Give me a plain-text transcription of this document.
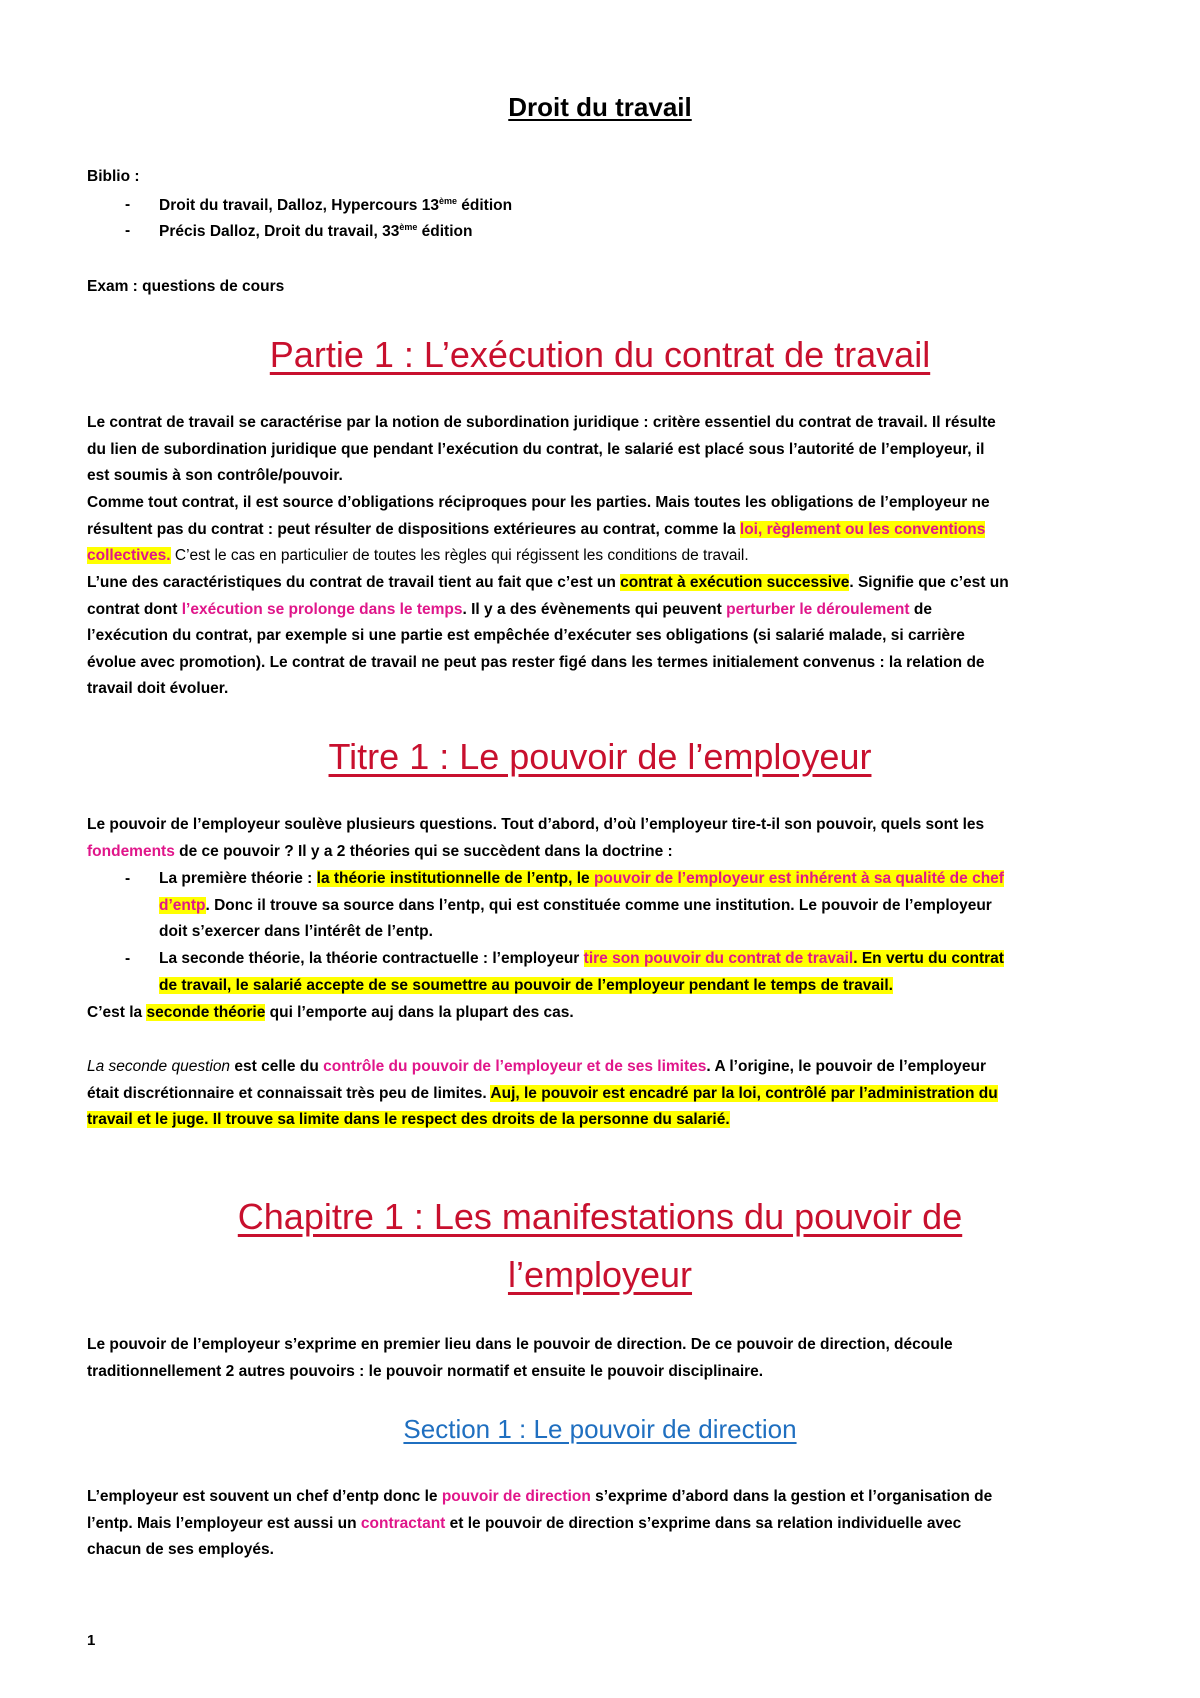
Droit du travail
Biblio :
- Droit du travail, Dalloz, Hypercours 13ème édition
- Précis Dalloz, Droit du travail, 33ème édition
Exam : questions de cours
Partie 1 : L’exécution du contrat de travail
Le contrat de travail se caractérise par la notion de subordination juridique : critère essentiel du contrat de travail. Il résulte
du lien de subordination juridique que pendant l’exécution du contrat, le salarié est placé sous l’autorité de l’employeur, il
est soumis à son contrôle/pouvoir.
Comme tout contrat, il est source d’obligations réciproques pour les parties. Mais toutes les obligations de l’employeur ne
résultent pas du contrat : peut résulter de dispositions extérieures au contrat, comme la loi, règlement ou les conventions
collectives. C’est le cas en particulier de toutes les règles qui régissent les conditions de travail.
L’une des caractéristiques du contrat de travail tient au fait que c’est un contrat à exécution successive. Signifie que c’est un
contrat dont l’exécution se prolonge dans le temps. Il y a des évènements qui peuvent perturber le déroulement de
l’exécution du contrat, par exemple si une partie est empêchée d’exécuter ses obligations (si salarié malade, si carrière
évolue avec promotion). Le contrat de travail ne peut pas rester figé dans les termes initialement convenus : la relation de
travail doit évoluer.
Titre 1 : Le pouvoir de l’employeur
Le pouvoir de l’employeur soulève plusieurs questions. Tout d’abord, d’où l’employeur tire-t-il son pouvoir, quels sont les
fondements de ce pouvoir ? Il y a 2 théories qui se succèdent dans la doctrine :
- La première théorie : la théorie institutionnelle de l’entp, le pouvoir de l’employeur est inhérent à sa qualité de chef
d’entp. Donc il trouve sa source dans l’entp, qui est constituée comme une institution. Le pouvoir de l’employeur
doit s’exercer dans l’intérêt de l’entp.
- La seconde théorie, la théorie contractuelle : l’employeur tire son pouvoir du contrat de travail. En vertu du contrat
de travail, le salarié accepte de se soumettre au pouvoir de l’employeur pendant le temps de travail.
C’est la seconde théorie qui l’emporte auj dans la plupart des cas.
La seconde question est celle du contrôle du pouvoir de l’employeur et de ses limites. A l’origine, le pouvoir de l’employeur
était discrétionnaire et connaissait très peu de limites. Auj, le pouvoir est encadré par la loi, contrôlé par l’administration du
travail et le juge. Il trouve sa limite dans le respect des droits de la personne du salarié.
Chapitre 1 : Les manifestations du pouvoir de
l’employeur
Le pouvoir de l’employeur s’exprime en premier lieu dans le pouvoir de direction. De ce pouvoir de direction, découle
traditionnellement 2 autres pouvoirs : le pouvoir normatif et ensuite le pouvoir disciplinaire.
Section 1 : Le pouvoir de direction
L’employeur est souvent un chef d’entp donc le pouvoir de direction s’exprime d’abord dans la gestion et l’organisation de
l’entp. Mais l’employeur est aussi un contractant et le pouvoir de direction s’exprime dans sa relation individuelle avec
chacun de ses employés.
1
